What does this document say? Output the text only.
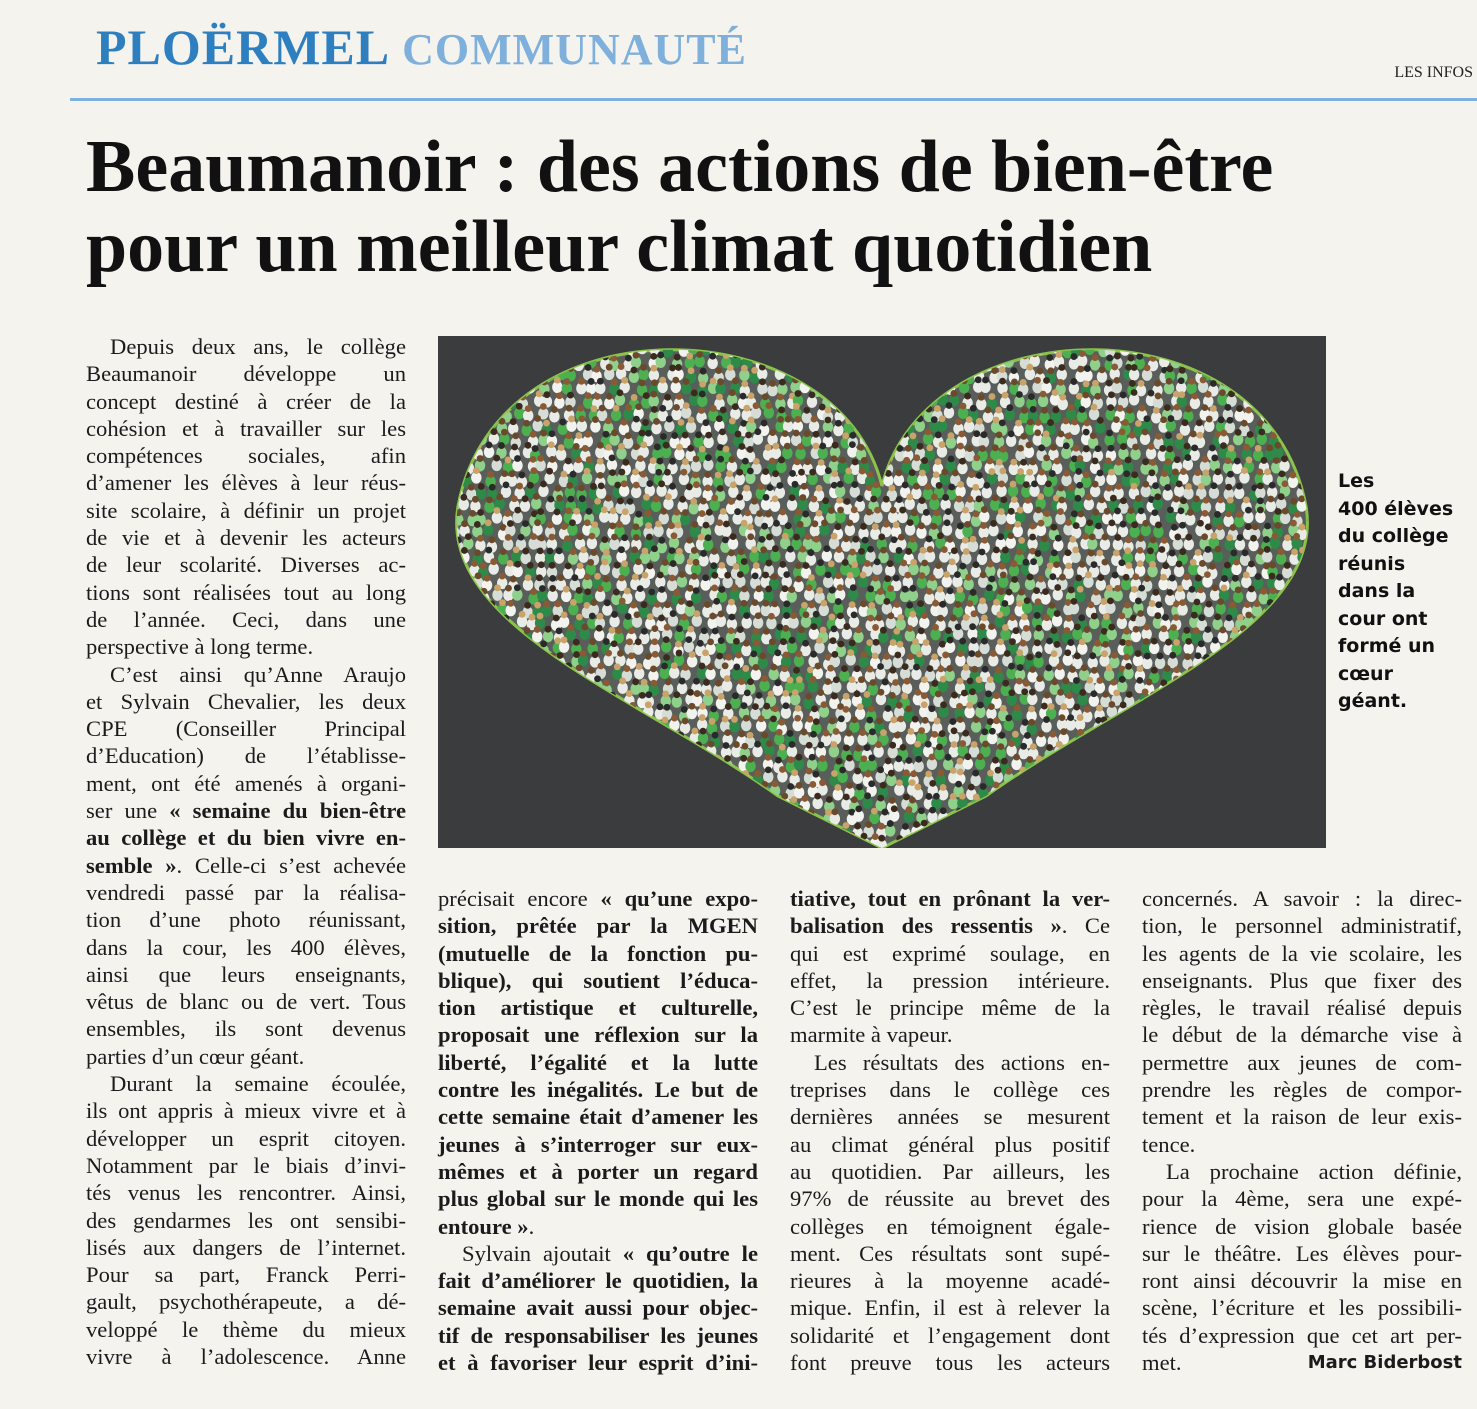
PLOËRMEL COMMUNAUTÉ	LES INFOS
Beaumanoir : des actions de bien-être
pour un meilleur climat quotidien
Les
400 élèves
du collège
réunis
dans la
cour ont
formé un
cœur
géant.
Depuis deux ans, le collège
Beaumanoir développe un
concept destiné à créer de la
cohésion et à travailler sur les
compétences sociales, afin
d’amener les élèves à leur réus-
site scolaire, à définir un projet
de vie et à devenir les acteurs
de leur scolarité. Diverses ac-
tions sont réalisées tout au long
de l’année. Ceci, dans une
perspective à long terme.
C’est ainsi qu’Anne Araujo
et Sylvain Chevalier, les deux
CPE (Conseiller Principal
d’Education) de l’établisse-
ment, ont été amenés à organi-
ser une « semaine du bien-être
au collège et du bien vivre en-
semble ». Celle-ci s’est achevée
vendredi passé par la réalisa-
tion d’une photo réunissant,
dans la cour, les 400 élèves,
ainsi que leurs enseignants,
vêtus de blanc ou de vert. Tous
ensembles, ils sont devenus
parties d’un cœur géant.
Durant la semaine écoulée,
ils ont appris à mieux vivre et à
développer un esprit citoyen.
Notamment par le biais d’invi-
tés venus les rencontrer. Ainsi,
des gendarmes les ont sensibi-
lisés aux dangers de l’internet.
Pour sa part, Franck Perri-
gault, psychothérapeute, a dé-
veloppé le thème du mieux
vivre à l’adolescence. Anne
précisait encore « qu’une expo-
sition, prêtée par la MGEN
(mutuelle de la fonction pu-
blique), qui soutient l’éduca-
tion artistique et culturelle,
proposait une réflexion sur la
liberté, l’égalité et la lutte
contre les inégalités. Le but de
cette semaine était d’amener les
jeunes à s’interroger sur eux-
mêmes et à porter un regard
plus global sur le monde qui les
entoure ».
Sylvain ajoutait « qu’outre le
fait d’améliorer le quotidien, la
semaine avait aussi pour objec-
tif de responsabiliser les jeunes
et à favoriser leur esprit d’ini-
tiative, tout en prônant la ver-
balisation des ressentis ». Ce
qui est exprimé soulage, en
effet, la pression intérieure.
C’est le principe même de la
marmite à vapeur.
Les résultats des actions en-
treprises dans le collège ces
dernières années se mesurent
au climat général plus positif
au quotidien. Par ailleurs, les
97% de réussite au brevet des
collèges en témoignent égale-
ment. Ces résultats sont supé-
rieures à la moyenne acadé-
mique. Enfin, il est à relever la
solidarité et l’engagement dont
font preuve tous les acteurs
concernés. A savoir : la direc-
tion, le personnel administratif,
les agents de la vie scolaire, les
enseignants. Plus que fixer des
règles, le travail réalisé depuis
le début de la démarche vise à
permettre aux jeunes de com-
prendre les règles de compor-
tement et la raison de leur exis-
tence.
La prochaine action définie,
pour la 4ème, sera une expé-
rience de vision globale basée
sur le théâtre. Les élèves pour-
ront ainsi découvrir la mise en
scène, l’écriture et les possibili-
tés d’expression que cet art per-
met.	Marc Biderbost
